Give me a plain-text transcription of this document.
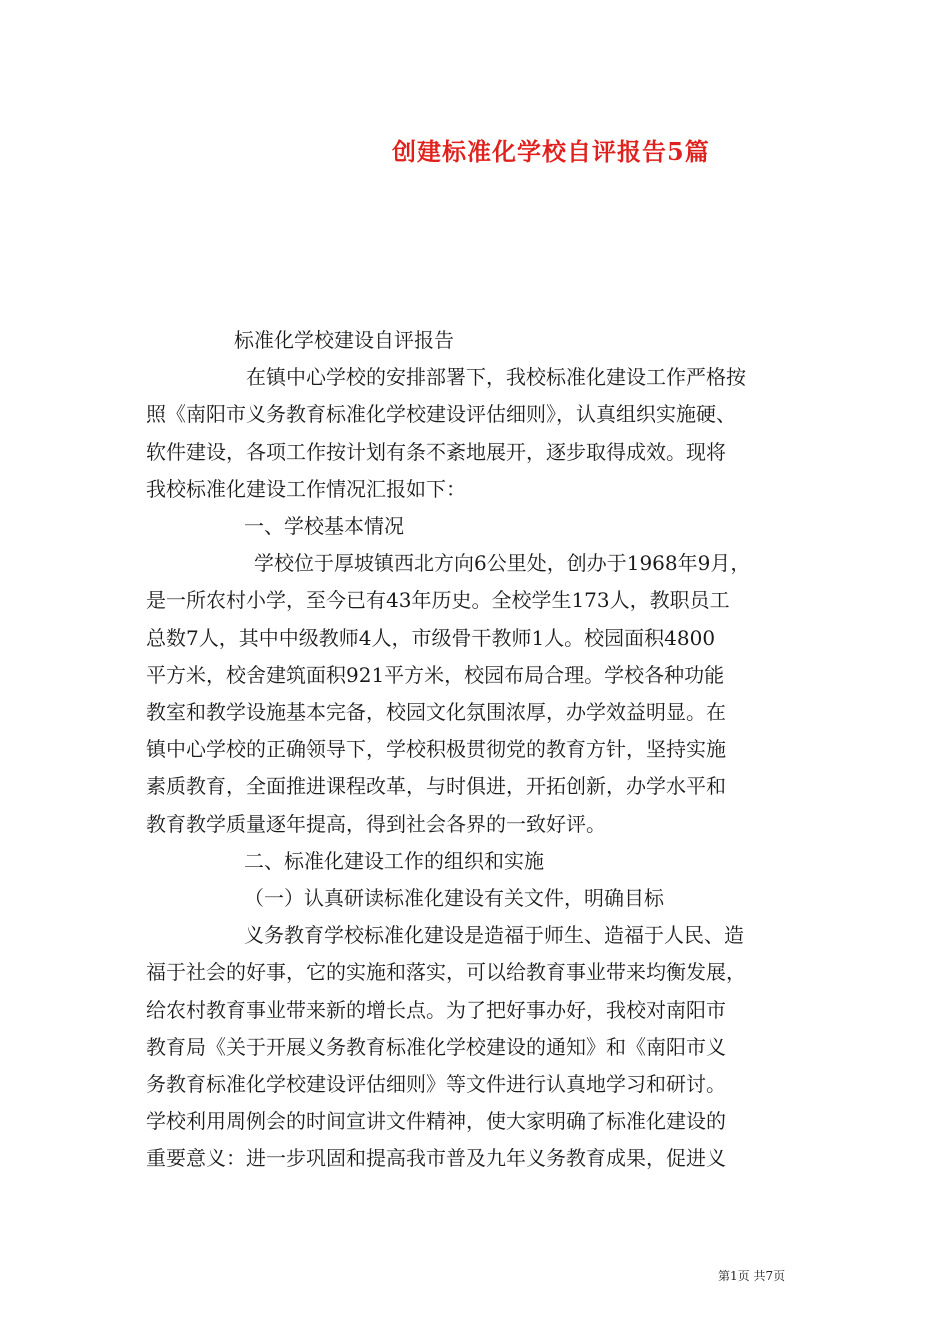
创建标准化学校自评报告5篇

标准化学校建设自评报告

在镇中心学校的安排部署下，我校标准化建设工作严格按

照《南阳市义务教育标准化学校建设评估细则》，认真组织实施硬、

软件建设，各项工作按计划有条不紊地展开，逐步取得成效。现将

我校标准化建设工作情况汇报如下：

一、学校基本情况

学校位于厚坡镇西北方向6公里处，创办于1968年9月，

是一所农村小学，至今已有43年历史。全校学生173人，教职员工

总数7人，其中中级教师4人，市级骨干教师1人。校园面积4800

平方米，校舍建筑面积921平方米，校园布局合理。学校各种功能

教室和教学设施基本完备，校园文化氛围浓厚，办学效益明显。在

镇中心学校的正确领导下，学校积极贯彻党的教育方针，坚持实施

素质教育，全面推进课程改革，与时俱进，开拓创新，办学水平和

教育教学质量逐年提高，得到社会各界的一致好评。

二、标准化建设工作的组织和实施

（一）认真研读标准化建设有关文件，明确目标

义务教育学校标准化建设是造福于师生、造福于人民、造

福于社会的好事，它的实施和落实，可以给教育事业带来均衡发展，

给农村教育事业带来新的增长点。为了把好事办好，我校对南阳市

教育局《关于开展义务教育标准化学校建设的通知》和《南阳市义

务教育标准化学校建设评估细则》等文件进行认真地学习和研讨。

学校利用周例会的时间宣讲文件精神，使大家明确了标准化建设的

重要意义：进一步巩固和提高我市普及九年义务教育成果，促进义

第1页 共7页
